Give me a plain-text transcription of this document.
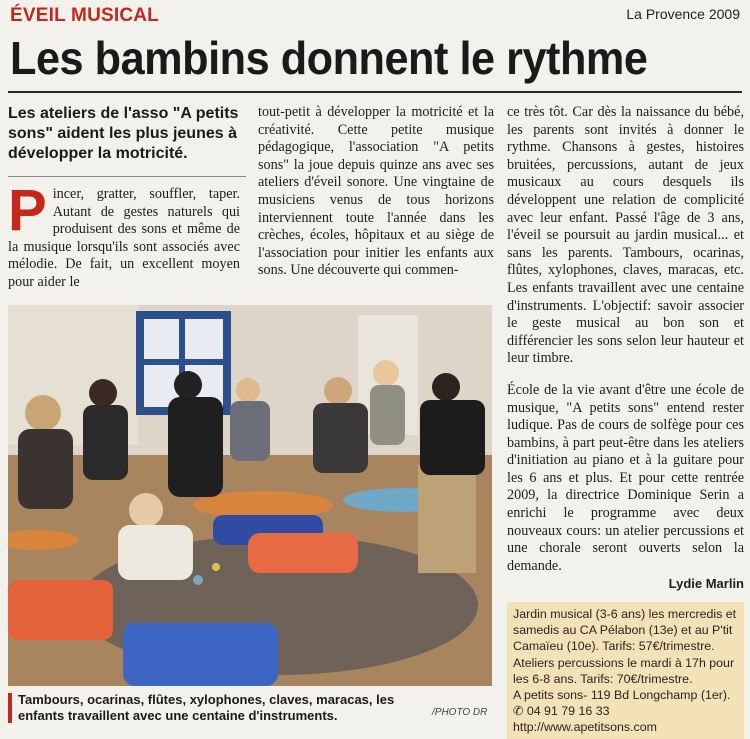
ÉVEIL MUSICAL	La Provence 2009
Les bambins donnent le rythme
Les ateliers de l'asso "A petits sons" aident les plus jeunes à développer la motricité.
P incer, gratter, souffler, taper. Autant de gestes naturels qui produisent des sons et même de la musique lorsqu'ils sont associés avec mélodie. De fait, un excellent moyen pour aider le

tout-petit à développer la motricité et la créativité. Cette petite musique pédagogique, l'association "A petits sons" la joue depuis quinze ans avec ses ateliers d'éveil sonore. Une vingtaine de musiciens venus de tous horizons interviennent toute l'année dans les crèches, écoles, hôpitaux et au siège de l'association pour initier les enfants aux sons. Une découverte qui commen-

ce très tôt. Car dès la naissance du bébé, les parents sont invités à donner le rythme. Chansons à gestes, histoires bruitées, percussions, autant de jeux musicaux au cours desquels ils développent une relation de complicité avec leur enfant. Passé l'âge de 3 ans, l'éveil se poursuit au jardin musical... et sans les parents. Tambours, ocarinas, flûtes, xylophones, claves, maracas, etc. Les enfants travaillent avec une centaine d'instruments. L'objectif: savoir associer le geste musical au bon son et différencier les sons selon leur hauteur et leur timbre.

École de la vie avant d'être une école de musique, "A petits sons" entend rester ludique. Pas de cours de solfège pour ces bambins, à part peut-être dans les ateliers d'initiation au piano et à la guitare pour les 6 ans et plus. Et pour cette rentrée 2009, la directrice Dominique Serin a enrichi le programme avec deux nouveaux cours: un atelier percussions et une chorale seront ouverts selon la demande.

Lydie Marlin
Jardin musical (3-6 ans) les mercredis et samedis au CA Pélabon (13e) et au P'tit Camaïeu (10e). Tarifs: 57€/trimestre.
Ateliers percussions le mardi à 17h pour les 6-8 ans. Tarifs: 70€/trimestre.
A petits sons- 119 Bd Longchamp (1er).
✆ 04 91 79 16 33
http://www.apetitsons.com
Tambours, ocarinas, flûtes, xylophones, claves, maracas, les enfants travaillent avec une centaine d'instruments.	/PHOTO DR
